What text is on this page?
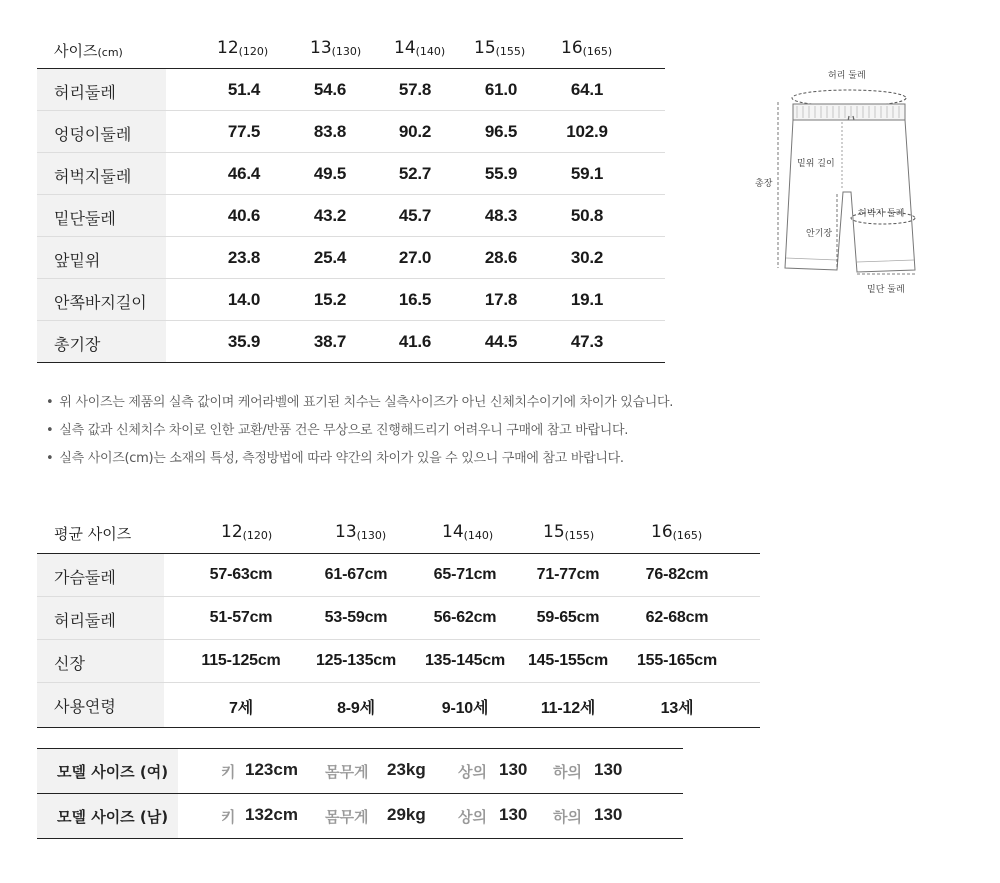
사이즈(cm)	12(120) 13(130) 14(140) 15(155) 16(165)
허리둘레	51.4	54.6	57.8	61.0	64.1
엉덩이둘레	77.5	83.8	90.2	96.5	102.9
허벅지둘레	46.4	49.5	52.7	55.9	59.1
밑단둘레	40.6	43.2	45.7	48.3	50.8
앞밑위	23.8	25.4	27.0	28.6	30.2
안쪽바지길이	14.0	15.2	16.5	17.8	19.1
총기장	35.9	38.7	41.6	44.5	47.3
• 위 사이즈는 제품의 실측 값이며 케어라벨에 표기된 치수는 실측사이즈가 아닌 신체치수이기에 차이가 있습니다.
• 실측 값과 신체치수 차이로 인한 교환/반품 건은 무상으로 진행해드리기 어려우니 구매에 참고 바랍니다.
• 실측 사이즈(cm)는 소재의 특성, 측정방법에 따라 약간의 차이가 있을 수 있으니 구매에 참고 바랍니다.
평균 사이즈	12(120)	13(130)	14(140)	15(155)	16(165)
가슴둘레	57-63cm	61-67cm	65-71cm	71-77cm	76-82cm
허리둘레	51-57cm	53-59cm	56-62cm	59-65cm	62-68cm
신장	115-125cm 125-135cm 135-145cm 145-155cm 155-165cm
사용연령	7세	8-9세	9-10세	11-12세	13세
모델 사이즈 (여)	키 123cm 몸무게 23kg 상의 130 하의 130
모델 사이즈 (남)	키 132cm 몸무게 29kg 상의 130 하의 130
허리 둘레
밑위 길이
총장
허벅지 둘레
안기장
밑단 둘레
